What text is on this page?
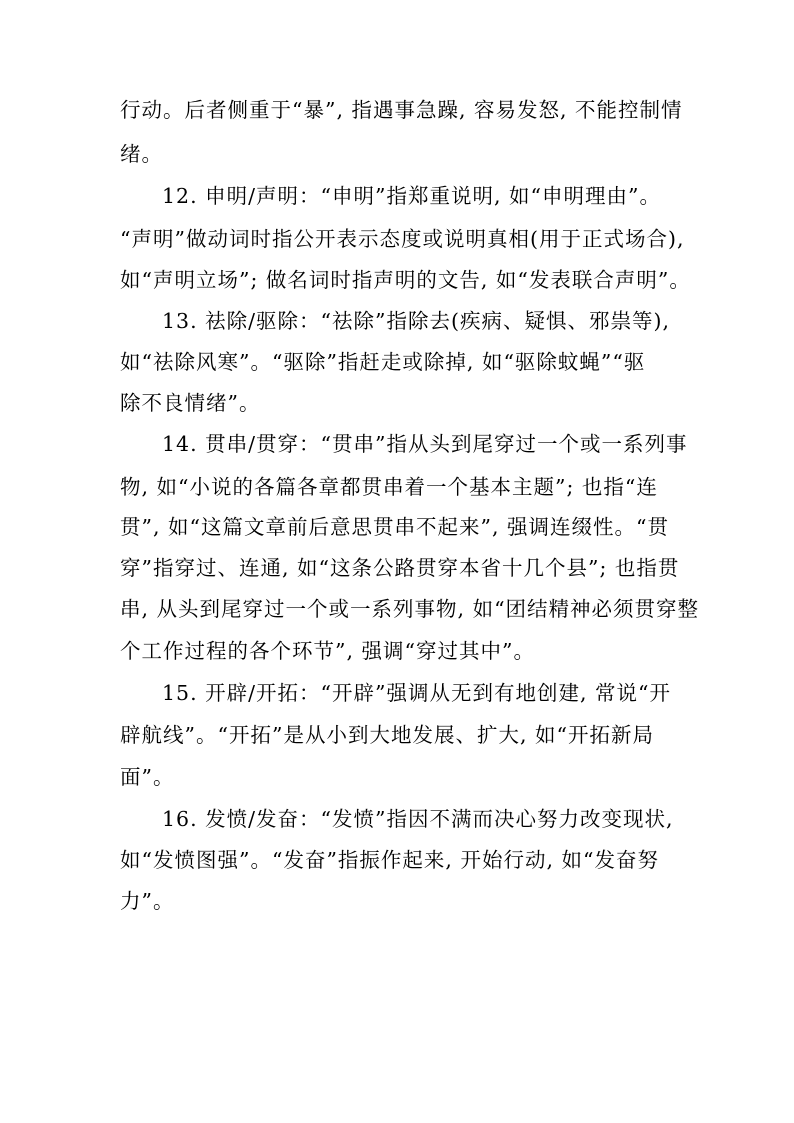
行动。后者侧重于“暴”, 指遇事急躁, 容易发怒, 不能控制情
绪。
12. 申明/声明：“申明”指郑重说明, 如“申明理由”。
“声明”做动词时指公开表示态度或说明真相(用于正式场合),
如“声明立场”; 做名词时指声明的文告, 如“发表联合声明”。
13. 祛除/驱除：“祛除”指除去(疾病、疑惧、邪祟等),
如“祛除风寒”。“驱除”指赶走或除掉, 如“驱除蚊蝇”“驱
除不良情绪”。
14. 贯串/贯穿：“贯串”指从头到尾穿过一个或一系列事
物, 如“小说的各篇各章都贯串着一个基本主题”; 也指“连
贯”, 如“这篇文章前后意思贯串不起来”, 强调连缀性。“贯
穿”指穿过、连通, 如“这条公路贯穿本省十几个县”; 也指贯
串, 从头到尾穿过一个或一系列事物, 如“团结精神必须贯穿整
个工作过程的各个环节”, 强调“穿过其中”。
15. 开辟/开拓：“开辟”强调从无到有地创建, 常说“开
辟航线”。“开拓”是从小到大地发展、扩大, 如“开拓新局
面”。
16. 发愤/发奋：“发愤”指因不满而决心努力改变现状,
如“发愤图强”。“发奋”指振作起来, 开始行动, 如“发奋努
力”。
